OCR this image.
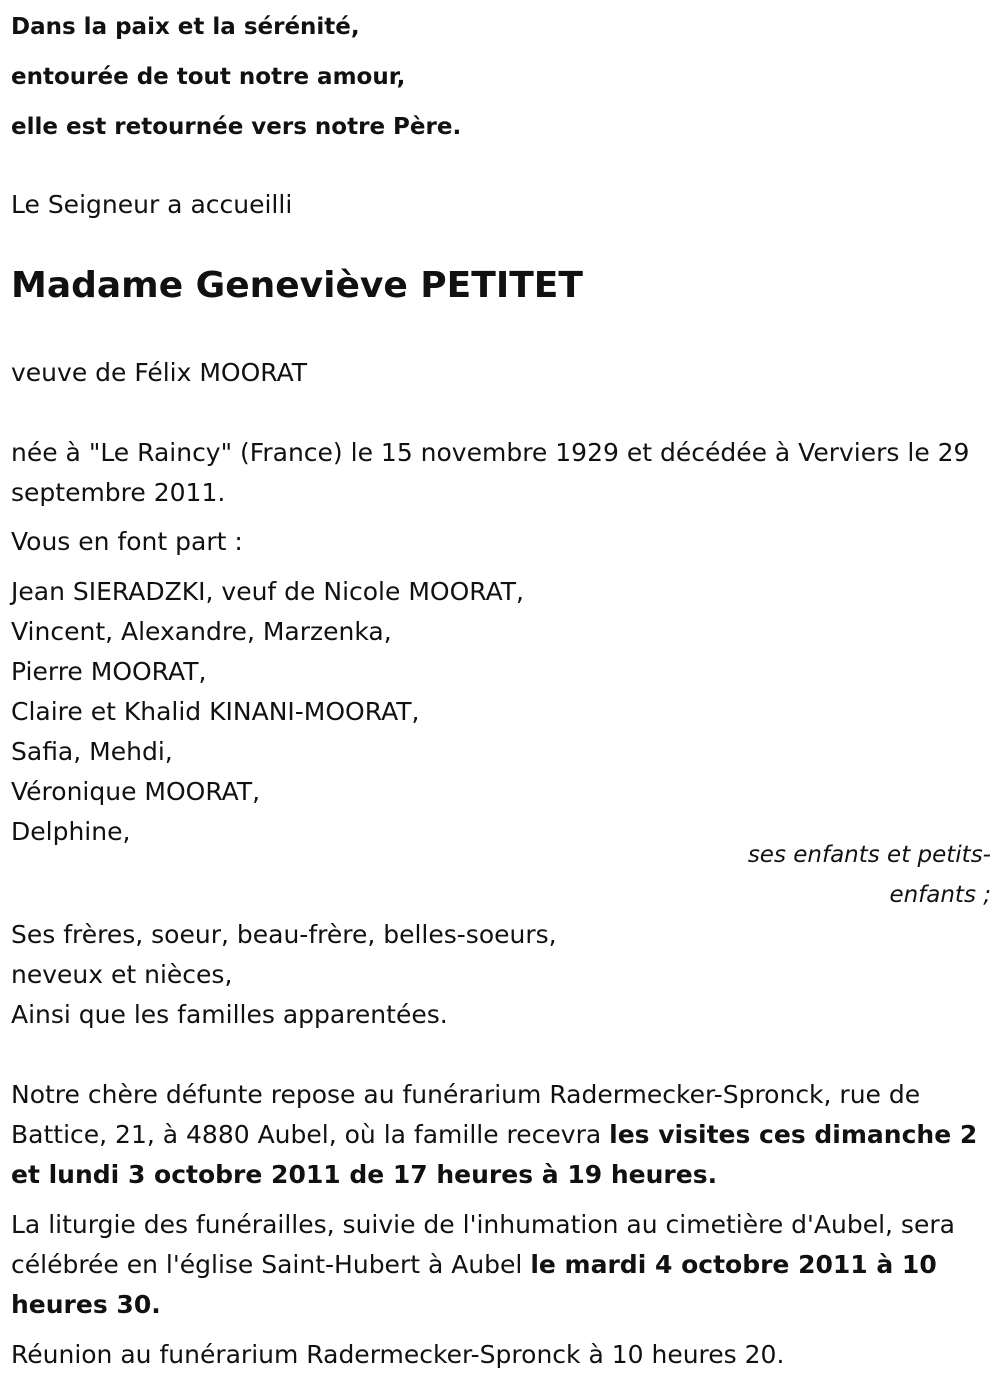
Dans la paix et la sérénité,
entourée de tout notre amour,
elle est retournée vers notre Père.
Le Seigneur a accueilli
Madame Geneviève PETITET
veuve de Félix MOORAT
née à "Le Raincy" (France) le 15 novembre 1929 et décédée à Verviers le 29 septembre 2011.
Vous en font part :
Jean SIERADZKI, veuf de Nicole MOORAT,
Vincent, Alexandre, Marzenka,
Pierre MOORAT,
Claire et Khalid KINANI-MOORAT,
Safia, Mehdi,
Véronique MOORAT,
Delphine,
ses enfants et petits-enfants ;
Ses frères, soeur, beau-frère, belles-soeurs,
neveux et nièces,
Ainsi que les familles apparentées.
Notre chère défunte repose au funérarium Radermecker-Spronck, rue de Battice, 21, à 4880 Aubel, où la famille recevra les visites ces dimanche 2 et lundi 3 octobre 2011 de 17 heures à 19 heures.
La liturgie des funérailles, suivie de l'inhumation au cimetière d'Aubel, sera célébrée en l'église Saint-Hubert à Aubel le mardi 4 octobre 2011 à 10 heures 30.
Réunion au funérarium Radermecker-Spronck à 10 heures 20.
